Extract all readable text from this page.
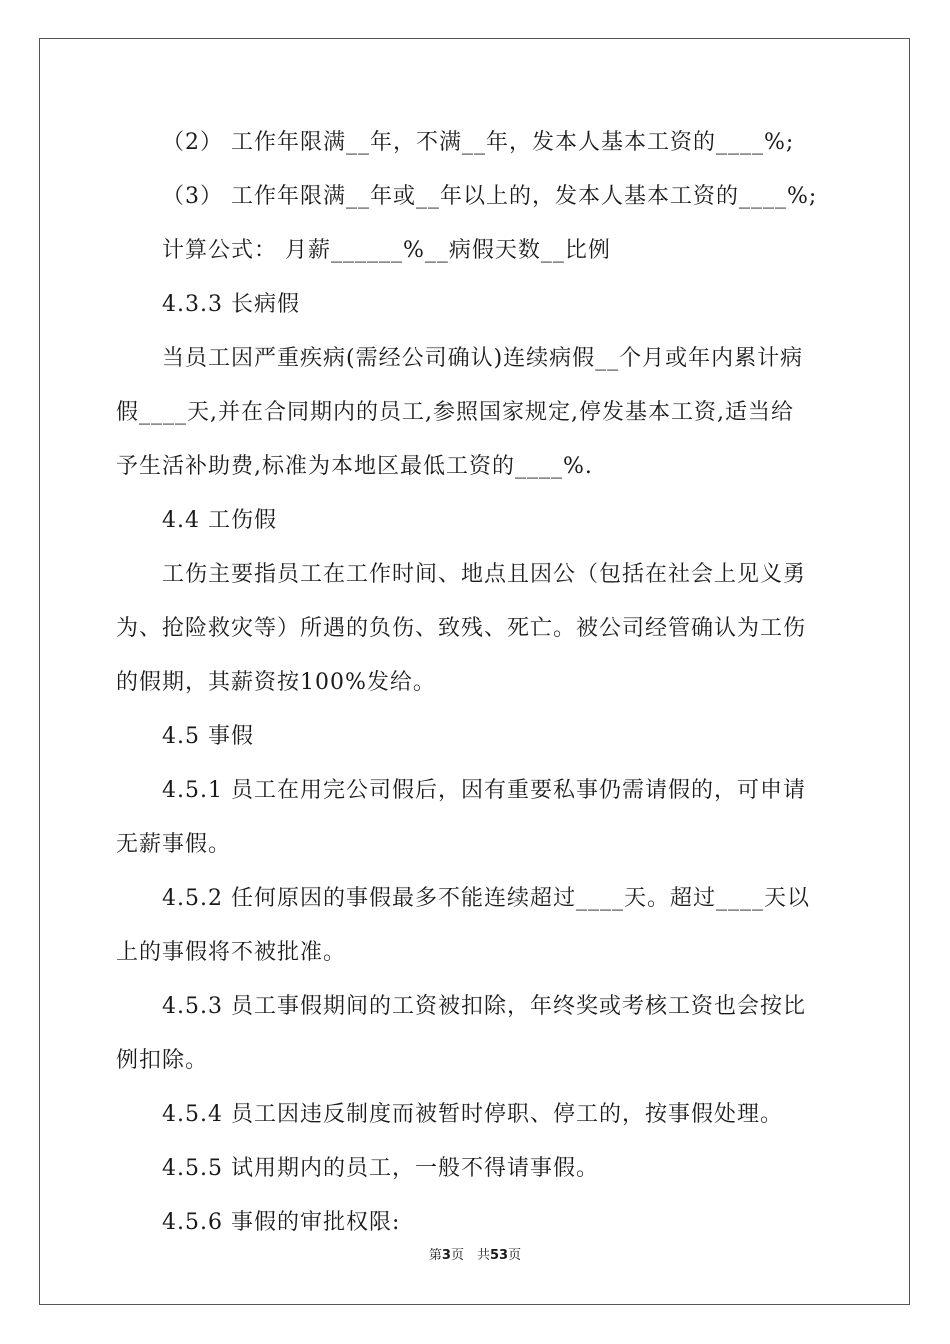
（2） 工作年限满__年，不满__年，发本人基本工资的____%;

（3） 工作年限满__年或__年以上的，发本人基本工资的____%;

计算公式： 月薪______%__病假天数__比例

4.3.3 长病假

当员工因严重疾病(需经公司确认)连续病假__个月或年内累计病

假____天,并在合同期内的员工,参照国家规定,停发基本工资,适当给

予生活补助费,标准为本地区最低工资的____%.

4.4 工伤假

工伤主要指员工在工作时间、地点且因公（包括在社会上见义勇

为、抢险救灾等）所遇的负伤、致残、死亡。被公司经管确认为工伤

的假期，其薪资按100%发给。

4.5 事假

4.5.1 员工在用完公司假后，因有重要私事仍需请假的，可申请

无薪事假。

4.5.2 任何原因的事假最多不能连续超过____天。超过____天以

上的事假将不被批准。

4.5.3 员工事假期间的工资被扣除，年终奖或考核工资也会按比

例扣除。

4.5.4 员工因违反制度而被暂时停职、停工的，按事假处理。

4.5.5 试用期内的员工，一般不得请事假。

4.5.6 事假的审批权限:

第3页　共53页
